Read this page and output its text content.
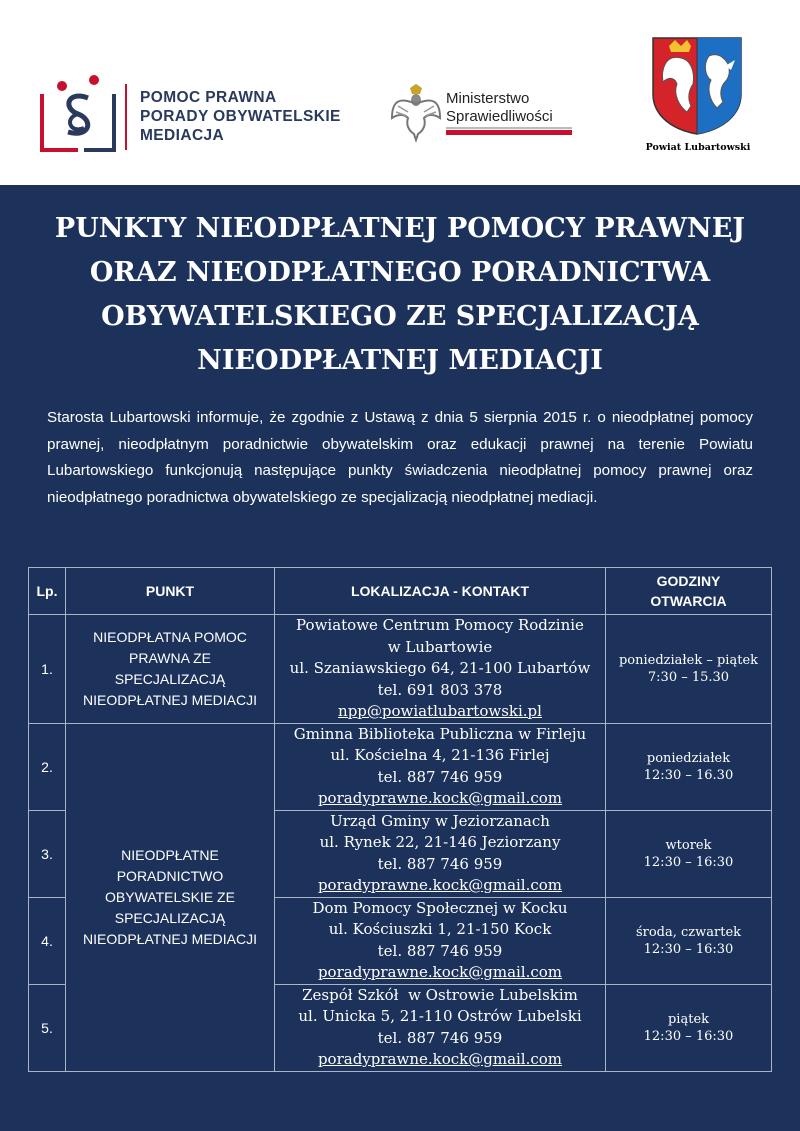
POMOC PRAWNA
PORADY OBYWATELSKIE
MEDIACJA
Ministerstwo
Sprawiedliwości
Powiat Lubartowski
PUNKTY NIEODPŁATNEJ POMOCY PRAWNEJ
ORAZ NIEODPŁATNEGO PORADNICTWA
OBYWATELSKIEGO ZE SPECJALIZACJĄ
NIEODPŁATNEJ MEDIACJI
Starosta Lubartowski informuje, że zgodnie z Ustawą z dnia 5 sierpnia 2015 r. o nieodpłatnej pomocy prawnej, nieodpłatnym poradnictwie obywatelskim oraz edukacji prawnej na terenie Powiatu Lubartowskiego funkcjonują następujące punkty świadczenia nieodpłatnej pomocy prawnej oraz nieodpłatnego poradnictwa obywatelskiego ze specjalizacją nieodpłatnej mediacji.
Lp.	PUNKT	LOKALIZACJA - KONTAKT	GODZINY
OTWARCIA

1.	NIEODPŁATNA POMOC
PRAWNA ZE
SPECJALIZACJĄ
NIEODPŁATNEJ MEDIACJI	Powiatowe Centrum Pomocy Rodzinie
w Lubartowie
ul. Szaniawskiego 64, 21-100 Lubartów
tel. 691 803 378
npp@powiatlubartowski.pl	poniedziałek – piątek
7:30 – 15.30

2.	NIEODPŁATNE
PORADNICTWO
OBYWATELSKIE ZE
SPECJALIZACJĄ
NIEODPŁATNEJ MEDIACJI	Gminna Biblioteka Publiczna w Firleju
ul. Kościelna 4, 21-136 Firlej
tel. 887 746 959
poradyprawne.kock@gmail.com	poniedziałek
12:30 – 16.30

3.		Urząd Gminy w Jeziorzanach
ul. Rynek 22, 21-146 Jeziorzany
tel. 887 746 959
poradyprawne.kock@gmail.com	wtorek
12:30 – 16:30

4.		Dom Pomocy Społecznej w Kocku
ul. Kościuszki 1, 21-150 Kock
tel. 887 746 959
poradyprawne.kock@gmail.com	środa, czwartek
12:30 – 16:30

5.		Zespół Szkół  w Ostrowie Lubelskim
ul. Unicka 5, 21-110 Ostrów Lubelski
tel. 887 746 959
poradyprawne.kock@gmail.com	piątek
12:30 – 16:30
